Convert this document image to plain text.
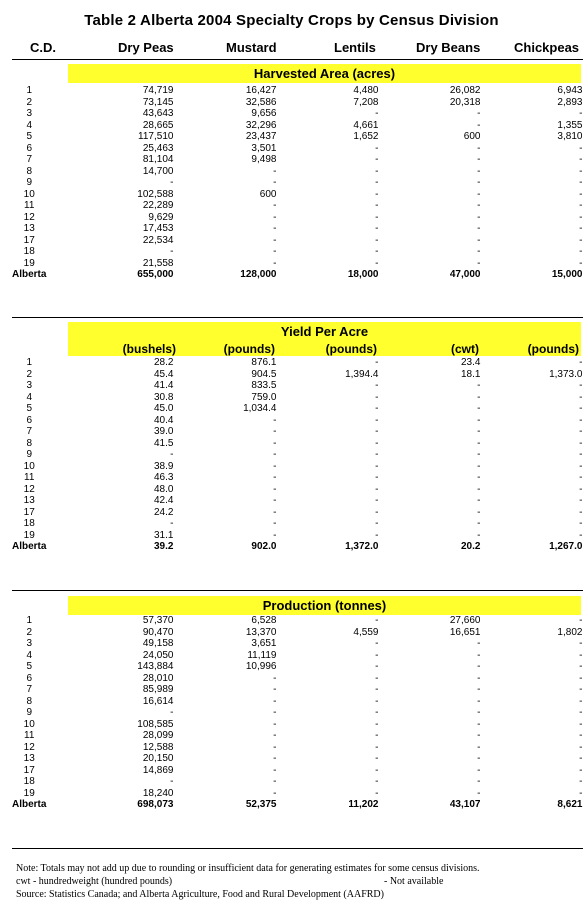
Table 2 Alberta 2004 Specialty Crops by Census Division
C.D.	Dry Peas	Mustard	Lentils	Dry Beans	Chickpeas
Harvested Area (acres)
1	74,719	16,427	4,480	26,082	6,943
2	73,145	32,586	7,208	20,318	2,893
3	43,643	9,656	-	-	-
4	28,665	32,296	4,661	-	1,355
5	117,510	23,437	1,652	600	3,810
6	25,463	3,501	-	-	-
7	81,104	9,498	-	-	-
8	14,700	-	-	-	-
9	-	-	-	-	-
10	102,588	600	-	-	-
11	22,289	-	-	-	-
12	9,629	-	-	-	-
13	17,453	-	-	-	-
17	22,534	-	-	-	-
18	-	-	-	-	-
19	21,558	-	-	-	-
Alberta	655,000	128,000	18,000	47,000	15,000
Yield Per Acre
(bushels)	(pounds)	(pounds)	(cwt)	(pounds)
1	28.2	876.1	-	23.4	-
2	45.4	904.5	1,394.4	18.1	1,373.0
3	41.4	833.5	-	-	-
4	30.8	759.0	-	-	-
5	45.0	1,034.4	-	-	-
6	40.4	-	-	-	-
7	39.0	-	-	-	-
8	41.5	-	-	-	-
9	-	-	-	-	-
10	38.9	-	-	-	-
11	46.3	-	-	-	-
12	48.0	-	-	-	-
13	42.4	-	-	-	-
17	24.2	-	-	-	-
18	-	-	-	-	-
19	31.1	-	-	-	-
Alberta	39.2	902.0	1,372.0	20.2	1,267.0
Production (tonnes)
1	57,370	6,528	-	27,660	-
2	90,470	13,370	4,559	16,651	1,802
3	49,158	3,651	-	-	-
4	24,050	11,119	-	-	-
5	143,884	10,996	-	-	-
6	28,010	-	-	-	-
7	85,989	-	-	-	-
8	16,614	-	-	-	-
9	-	-	-	-	-
10	108,585	-	-	-	-
11	28,099	-	-	-	-
12	12,588	-	-	-	-
13	20,150	-	-	-	-
17	14,869	-	-	-	-
18	-	-	-	-	-
19	18,240	-	-	-	-
Alberta	698,073	52,375	11,202	43,107	8,621
Note: Totals may not add up due to rounding or insufficient data for generating estimates for some census divisions.
cwt - hundredweight (hundred pounds)	- Not available
Source: Statistics Canada; and Alberta Agriculture, Food and Rural Development (AAFRD)
